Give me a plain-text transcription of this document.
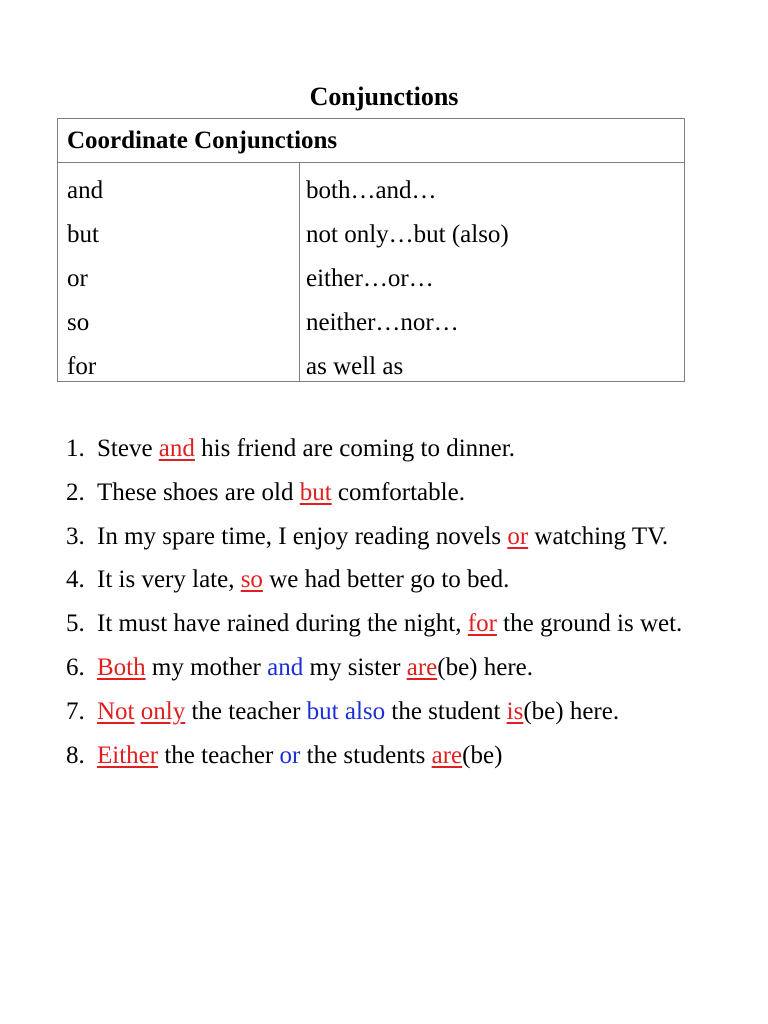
Conjunctions
Coordinate Conjunctions
and
but
or
so
for
both…and…
not only…but (also)
either…or…
neither…nor…
as well as
1. Steve and his friend are coming to dinner.
2. These shoes are old but comfortable.
3. In my spare time, I enjoy reading novels or watching TV.
4. It is very late, so we had better go to bed.
5. It must have rained during the night, for the ground is wet.
6. Both my mother and my sister are(be) here.
7. Not only the teacher but also the student is(be) here.
8. Either the teacher or the students are(be)
